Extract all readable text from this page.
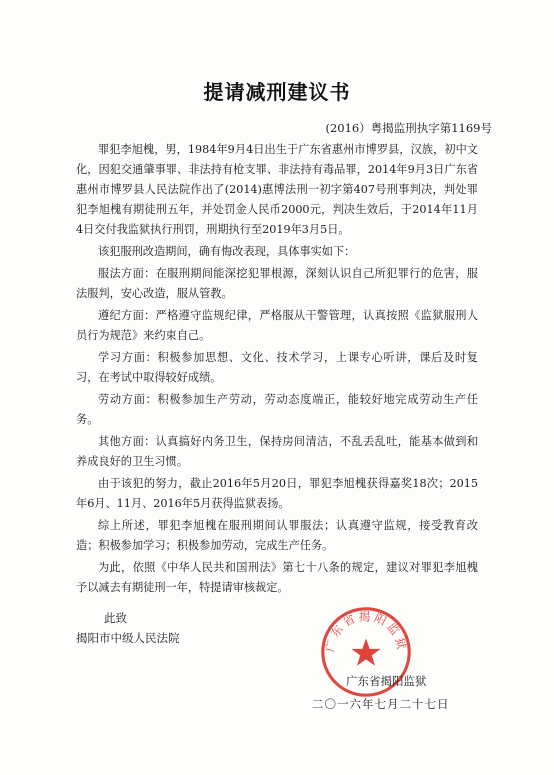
提请减刑建议书
(2016）粤揭监刑执字第1169号

罪犯李旭槐，男，1984年9月4日出生于广东省惠州市博罗县，汉族，初中文化，因犯交通肇事罪、非法持有枪支罪、非法持有毒品罪，2014年9月3日广东省惠州市博罗县人民法院作出了(2014)惠博法刑一初字第407号刑事判决，判处罪犯李旭槐有期徒刑五年，并处罚金人民币2000元，判决生效后，于2014年11月4日交付我监狱执行刑罚，刑期执行至2019年3月5日。

该犯服刑改造期间，确有悔改表现，具体事实如下：

服法方面：在服刑期间能深挖犯罪根源，深刻认识自己所犯罪行的危害，服法服判，安心改造，服从管教。

遵纪方面：严格遵守监规纪律，严格服从干警管理，认真按照《监狱服刑人员行为规范》来约束自己。

学习方面：积极参加思想、文化、技术学习，上课专心听讲，课后及时复习，在考试中取得较好成绩。

劳动方面：积极参加生产劳动，劳动态度端正，能较好地完成劳动生产任务。

其他方面：认真搞好内务卫生，保持房间清洁，不乱丢乱吐，能基本做到和养成良好的卫生习惯。

由于该犯的努力，截止2016年5月20日，罪犯李旭槐获得嘉奖18次；2015年6月、11月、2016年5月获得监狱表扬。

综上所述，罪犯李旭槐在服刑期间认罪服法；认真遵守监规，接受教育改造；积极参加学习；积极参加劳动，完成生产任务。

为此，依照《中华人民共和国刑法》第七十八条的规定，建议对罪犯李旭槐予以减去有期徒刑一年，特提请审核裁定。

此致
揭阳市中级人民法院	广东省揭阳监狱
广东省揭阳监狱
二〇一六年七月二十七日
